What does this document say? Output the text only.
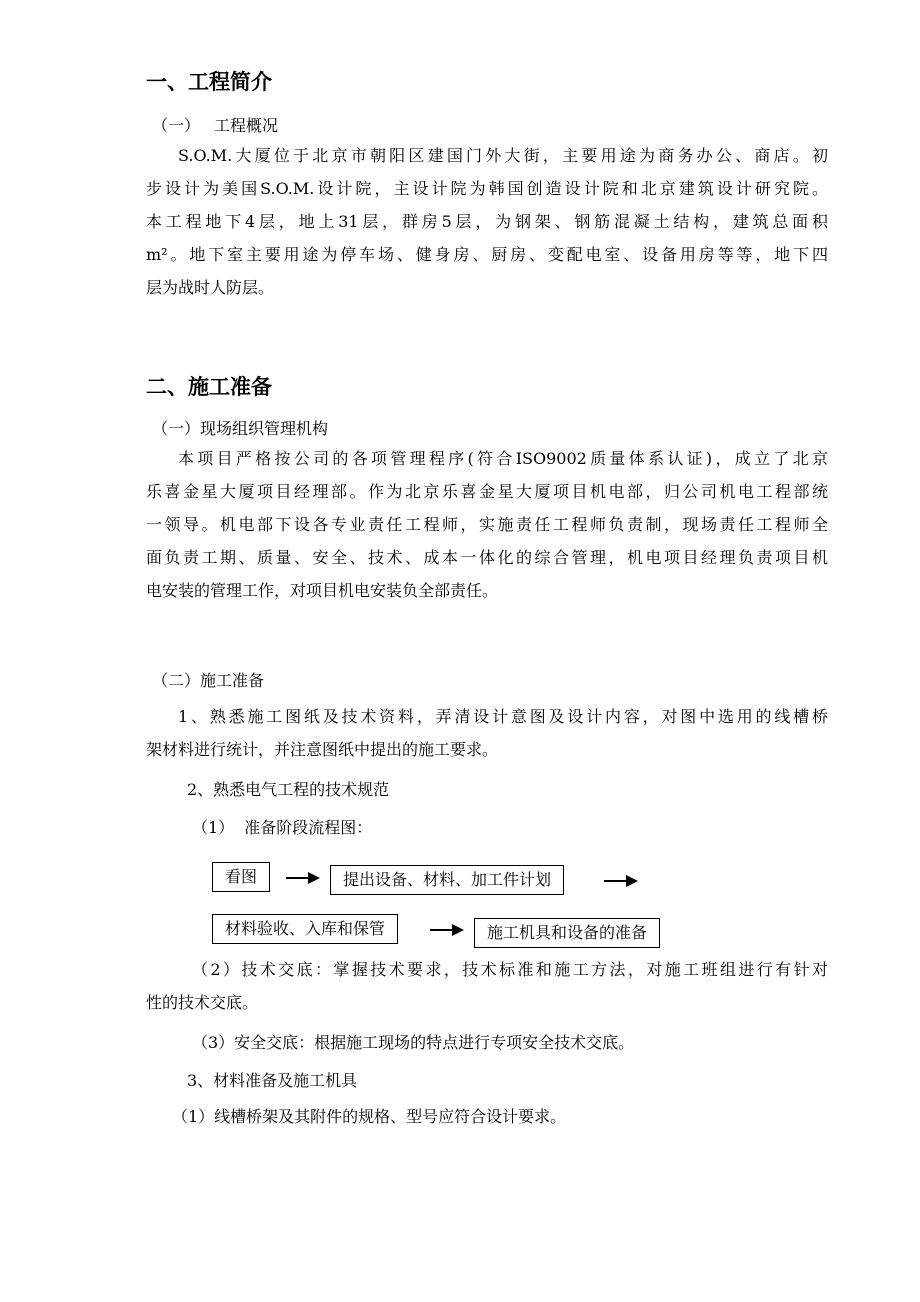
一、工程简介
（一） 工程概况
S.O.M.大厦位于北京市朝阳区建国门外大街，主要用途为商务办公、商店。初
步设计为美国S.O.M.设计院，主设计院为韩国创造设计院和北京建筑设计研究院。
本工程地下4层，地上31层，群房5层，为钢架、钢筋混凝土结构，建筑总面积
m²。地下室主要用途为停车场、健身房、厨房、变配电室、设备用房等等，地下四
层为战时人防层。
二、施工准备
（一）现场组织管理机构
本项目严格按公司的各项管理程序(符合ISO9002质量体系认证)，成立了北京
乐喜金星大厦项目经理部。作为北京乐喜金星大厦项目机电部，归公司机电工程部统
一领导。机电部下设各专业责任工程师，实施责任工程师负责制，现场责任工程师全
面负责工期、质量、安全、技术、成本一体化的综合管理，机电项目经理负责项目机
电安装的管理工作，对项目机电安装负全部责任。
（二）施工准备
1、熟悉施工图纸及技术资料，弄清设计意图及设计内容，对图中选用的线槽桥
架材料进行统计，并注意图纸中提出的施工要求。
2、熟悉电气工程的技术规范
（1） 准备阶段流程图：
看图	提出设备、材料、加工件计划
材料验收、入库和保管	施工机具和设备的准备
（2）技术交底：掌握技术要求，技术标准和施工方法，对施工班组进行有针对
性的技术交底。
（3）安全交底：根据施工现场的特点进行专项安全技术交底。
3、材料准备及施工机具
（1）线槽桥架及其附件的规格、型号应符合设计要求。
